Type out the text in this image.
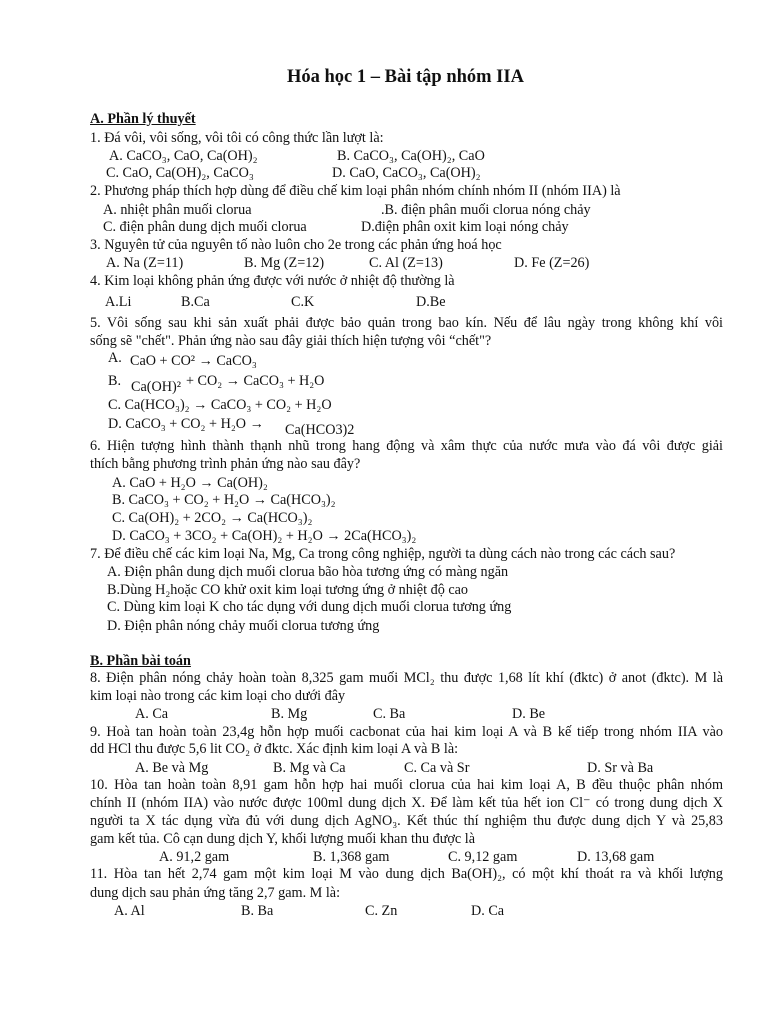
Hóa học 1 – Bài tập nhóm IIA
A. Phần lý thuyết
1. Đá vôi, vôi sống, vôi tôi có công thức lần lượt là:
A. CaCO₃, CaO, Ca(OH)₂	B. CaCO₃, Ca(OH)₂, CaO
C. CaO, Ca(OH)₂, CaCO₃	D. CaO, CaCO₃, Ca(OH)₂
2. Phương pháp thích hợp dùng để điều chế kim loại phân nhóm chính nhóm II (nhóm IIA) là
A. nhiệt phân muối clorua	.B. điện phân muối clorua nóng chảy
C. điện phân dung dịch muối clorua	D.điện phân oxit kim loại nóng chảy
3. Nguyên tử của nguyên tố nào luôn cho 2e trong các phản ứng hoá học
A. Na (Z=11)	B. Mg (Z=12)	C. Al (Z=13)	D. Fe (Z=26)
4. Kim loại không phản ứng được với nước ở nhiệt độ thường là
A.Li	B.Ca	C.K	D.Be
5. Vôi sống sau khi sản xuất phải được bảo quản trong bao kín. Nếu để lâu ngày trong không khí vôi
sống sẽ "chết". Phản ứng nào sau đây giải thích hiện tượng vôi “chết"?
A. CaO + CO² → CaCO₃
B. Ca(OH)² + CO₂ → CaCO₃ + H₂O
C. Ca(HCO₃)₂ → CaCO₃ + CO₂ + H₂O
D. CaCO₃ + CO₂ + H₂O → Ca(HCO3)2
6. Hiện tượng hình thành thạnh nhũ trong hang động và xâm thực của nước mưa vào đá vôi được giải
thích bằng phương trình phản ứng nào sau đây?
A. CaO + H₂O → Ca(OH)₂
B. CaCO₃ + CO₂ + H₂O → Ca(HCO₃)₂
C. Ca(OH)₂ + 2CO₂ → Ca(HCO₃)₂
D. CaCO₃ + 3CO₂ + Ca(OH)₂ + H₂O → 2Ca(HCO₃)₂
7. Để điều chế các kim loại Na, Mg, Ca trong công nghiệp, người ta dùng cách nào trong các cách sau?
A. Điện phân dung dịch muối clorua bão hòa tương ứng có màng ngăn
B.Dùng H₂hoặc CO khử oxit kim loại tương ứng ở nhiệt độ cao
C. Dùng kim loại K cho tác dụng với dung dịch muối clorua tương ứng
D. Điện phân nóng chảy muối clorua tương ứng
B. Phần bài toán
8. Điện phân nóng chảy hoàn toàn 8,325 gam muối MCl₂ thu được 1,68 lít khí (đktc) ở anot (đktc). M là
kim loại nào trong các kim loại cho dưới đây
A. Ca	B. Mg	C. Ba	D. Be
9. Hoà tan hoàn toàn 23,4g hỗn hợp muối cacbonat của hai kim loại A và B kế tiếp trong nhóm IIA vào
dd HCl thu được 5,6 lit CO₂ ở đktc. Xác định kim loại A và B là:
A. Be và Mg	B. Mg và Ca	C. Ca và Sr	D. Sr và Ba
10. Hòa tan hoàn toàn 8,91 gam hỗn hợp hai muối clorua của hai kim loại A, B đều thuộc phân nhóm
chính II (nhóm IIA) vào nước được 100ml dung dịch X. Để làm kết tủa hết ion Cl⁻ có trong dung dịch X
người ta X tác dụng vừa đủ với dung dịch AgNO₃. Kết thúc thí nghiệm thu được dung dịch Y và 25,83
gam kết tủa. Cô cạn dung dịch Y, khối lượng muối khan thu được là
A. 91,2 gam	B. 1,368 gam	C. 9,12 gam	D. 13,68 gam
11. Hòa tan hết 2,74 gam một kim loại M vào dung dịch Ba(OH)₂, có một khí thoát ra và khối lượng
dung dịch sau phản ứng tăng 2,7 gam. M là:
A. Al	B. Ba	C. Zn	D. Ca
